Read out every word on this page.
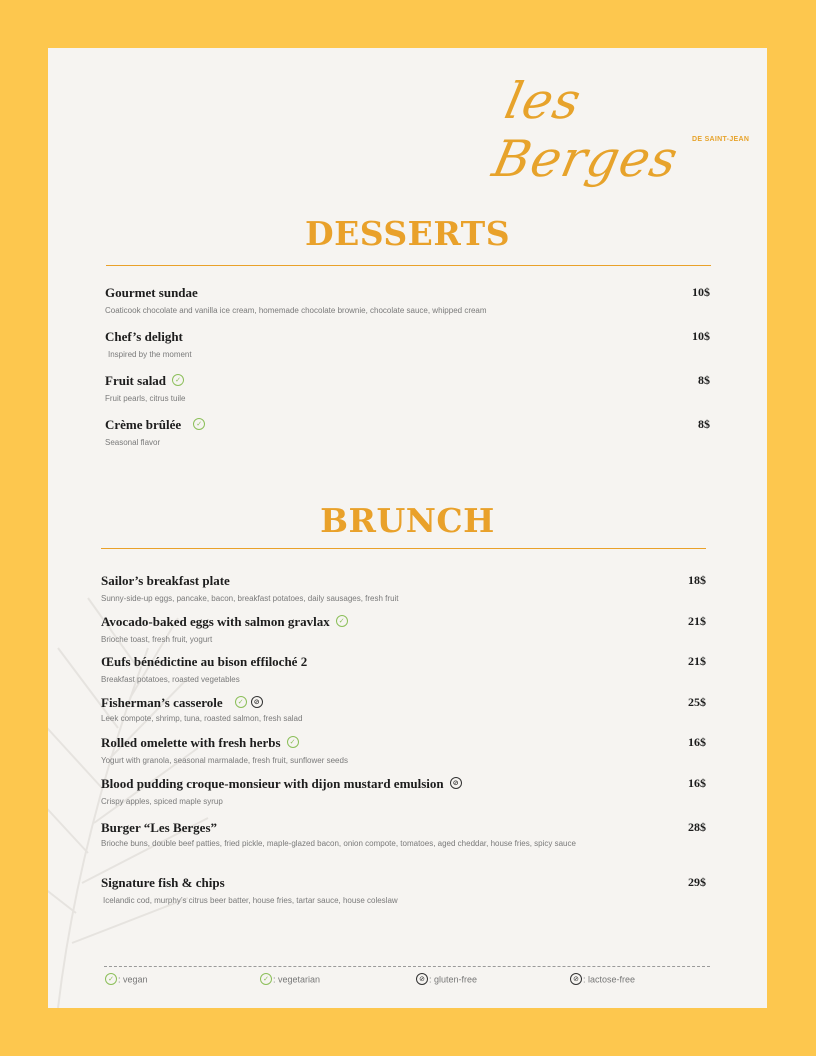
les Berges	DE SAINT-JEAN
DESSERTS
Gourmet sundae
Coaticook chocolate and vanilla ice cream, homemade chocolate brownie, chocolate sauce, whipped cream
10$
Chef’s delight
Inspired by the moment
10$
Fruit salad ✓
Fruit pearls, citrus tuile
8$
Crème brûlée ✓
Seasonal flavor
8$
BRUNCH
Sailor’s breakfast plate
Sunny-side-up eggs, pancake, bacon, breakfast potatoes, daily sausages, fresh fruit
18$
Avocado-baked eggs with salmon gravlax ✓
Brioche toast, fresh fruit, yogurt
21$
Œufs bénédictine au bison effiloché 2
Breakfast potatoes, roasted vegetables
21$
Fisherman’s casserole ✓ ⊘
Leek compote, shrimp, tuna, roasted salmon, fresh salad
25$
Rolled omelette with fresh herbs ✓
Yogurt with granola, seasonal marmalade, fresh fruit, sunflower seeds
16$
Blood pudding croque-monsieur with dijon mustard emulsion ⊘
Crispy apples, spiced maple syrup
16$
Burger “Les Berges”
Brioche buns, double beef patties, fried pickle, maple-glazed bacon, onion compote, tomatoes, aged cheddar, house fries, spicy sauce
28$
Signature fish & chips
Icelandic cod, murphy’s citrus beer batter, house fries, tartar sauce, house coleslaw
29$
✓ : vegan	✓ : vegetarian	⊘ : gluten-free	⊘ : lactose-free
